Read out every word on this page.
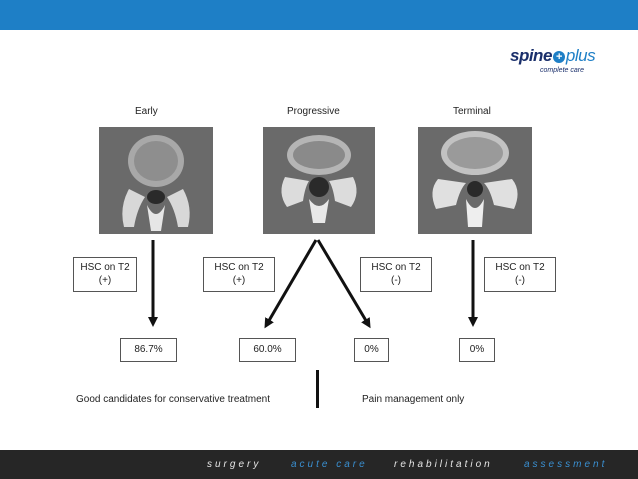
spine + plus
complete care
Early	Progressive	Terminal
HSC on T2
(+)
HSC on T2
(+)
HSC on T2
(-)
HSC on T2
(-)
86.7%	60.0%	0%	0%
Good candidates for conservative treatment	Pain management only
surgery	acute care	rehabilitation	assessment
